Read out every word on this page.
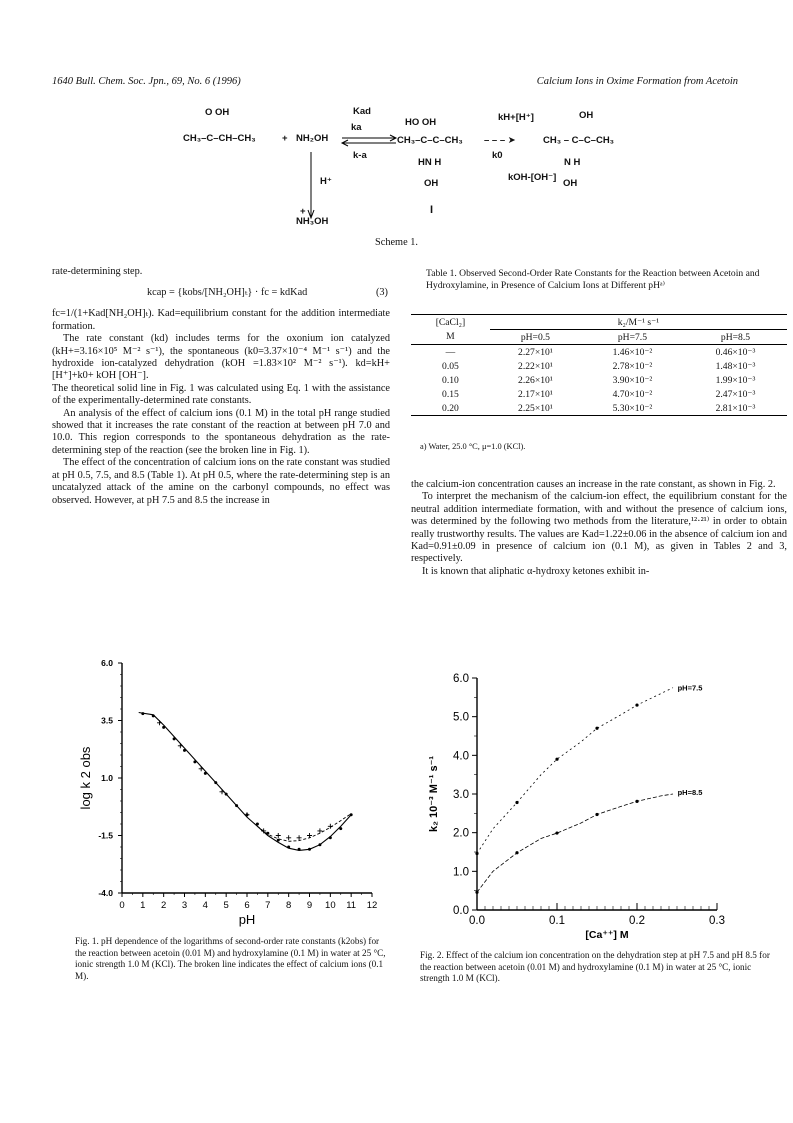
1640 Bull. Chem. Soc. Jpn., 69, No. 6 (1996)	Calcium Ions in Oxime Formation from Acetoin
O OH
CH₃–C–CH–CH₃	+ NH₂OH
Kad
ka
k-a
H⁺
+
NH₃OH
HO OH
CH₃–C–C–CH₃
HN H
OH
I
kH+[H⁺]
– – – ➤
k0
kOH-[OH⁻]
OH
CH₃ – C–C–CH₃
N H
OH
Scheme 1.

rate-determining step.

kcap = {kobs/[NH₂OH]ₜ} · fc = kdKad	(3)

fc=1/(1+Kad[NH₂OH]ₜ). Kad=equilibrium constant for the addition intermediate formation.

The rate constant (kd) includes terms for the oxonium ion catalyzed (kH+=3.16×10⁵ M⁻² s⁻¹), the spontaneous (k0=3.37×10⁻⁴ M⁻¹ s⁻¹) and the hydroxide ion-catalyzed dehydration (kOH =1.83×10² M⁻² s⁻¹). kd=kH+[H⁺]+k0+ kOH [OH⁻].

The theoretical solid line in Fig. 1 was calculated using Eq. 1 with the assistance of the experimentally-determined rate constants.

An analysis of the effect of calcium ions (0.1 M) in the total pH range studied showed that it increases the rate constant of the reaction at between pH 7.0 and 10.0. This region corresponds to the spontaneous dehydration as the rate-determining step of the reaction (see the broken line in Fig. 1).

The effect of the concentration of calcium ions on the rate constant was studied at pH 0.5, 7.5, and 8.5 (Table 1). At pH 0.5, where the rate-determining step is an uncatalyzed attack of the amine on the carbonyl compounds, no effect was observed. However, at pH 7.5 and 8.5 the increase in

Table 1. Observed Second-Order Rate Constants for the Reaction between Acetoin and Hydroxylamine, in Presence of Calcium Ions at Different pHᵃ⁾
[CaCl₂]	k₂/M⁻¹ s⁻¹		
M	pH=0.5	pH=7.5	pH=8.5
—	2.27×10¹	1.46×10⁻²	0.46×10⁻³
0.05	2.22×10¹	2.78×10⁻²	1.48×10⁻³
0.10	2.26×10¹	3.90×10⁻²	1.99×10⁻³
0.15	2.17×10¹	4.70×10⁻²	2.47×10⁻³
0.20	2.25×10¹	5.30×10⁻²	2.81×10⁻³
a) Water, 25.0 °C, μ=1.0 (KCl).

the calcium-ion concentration causes an increase in the rate constant, as shown in Fig. 2.

To interpret the mechanism of the calcium-ion effect, the equilibrium constant for the neutral addition intermediate formation, with and without the presence of calcium ions, was determined by the following two methods from the literature,¹²·²¹⁾ in order to obtain really trustworthy results. The values are Kad=1.22±0.06 in the absence of calcium ion and Kad=0.91±0.09 in presence of calcium ion (0.1 M), as given in Tables 2 and 3, respectively.

It is known that aliphatic α-hydroxy ketones exhibit in-

6.0
3.5
1.0
-1.5
-4.0
0 1 2 3 4 5 6 7 8 9 10 11 12
pH
log k 2 obs
Fig. 1. pH dependence of the logarithms of second-order rate constants (k2obs) for the reaction between acetoin (0.01 M) and hydroxylamine (0.1 M) in water at 25 °C, ionic strength 1.0 M (KCl). The broken line indicates the effect of calcium ions (0.1 M).
0.0
1.0
2.0
3.0
4.0
5.0
6.0
0.0	0.1	0.2	0.3
[Ca⁺⁺] M
k₂ 10⁻³ M⁻¹ s⁻¹
pH=7.5
pH=8.5
Fig. 2. Effect of the calcium ion concentration on the dehydration step at pH 7.5 and pH 8.5 for the reaction between acetoin (0.01 M) and hydroxylamine (0.1 M) in water at 25 °C, ionic strength 1.0 M (KCl).
